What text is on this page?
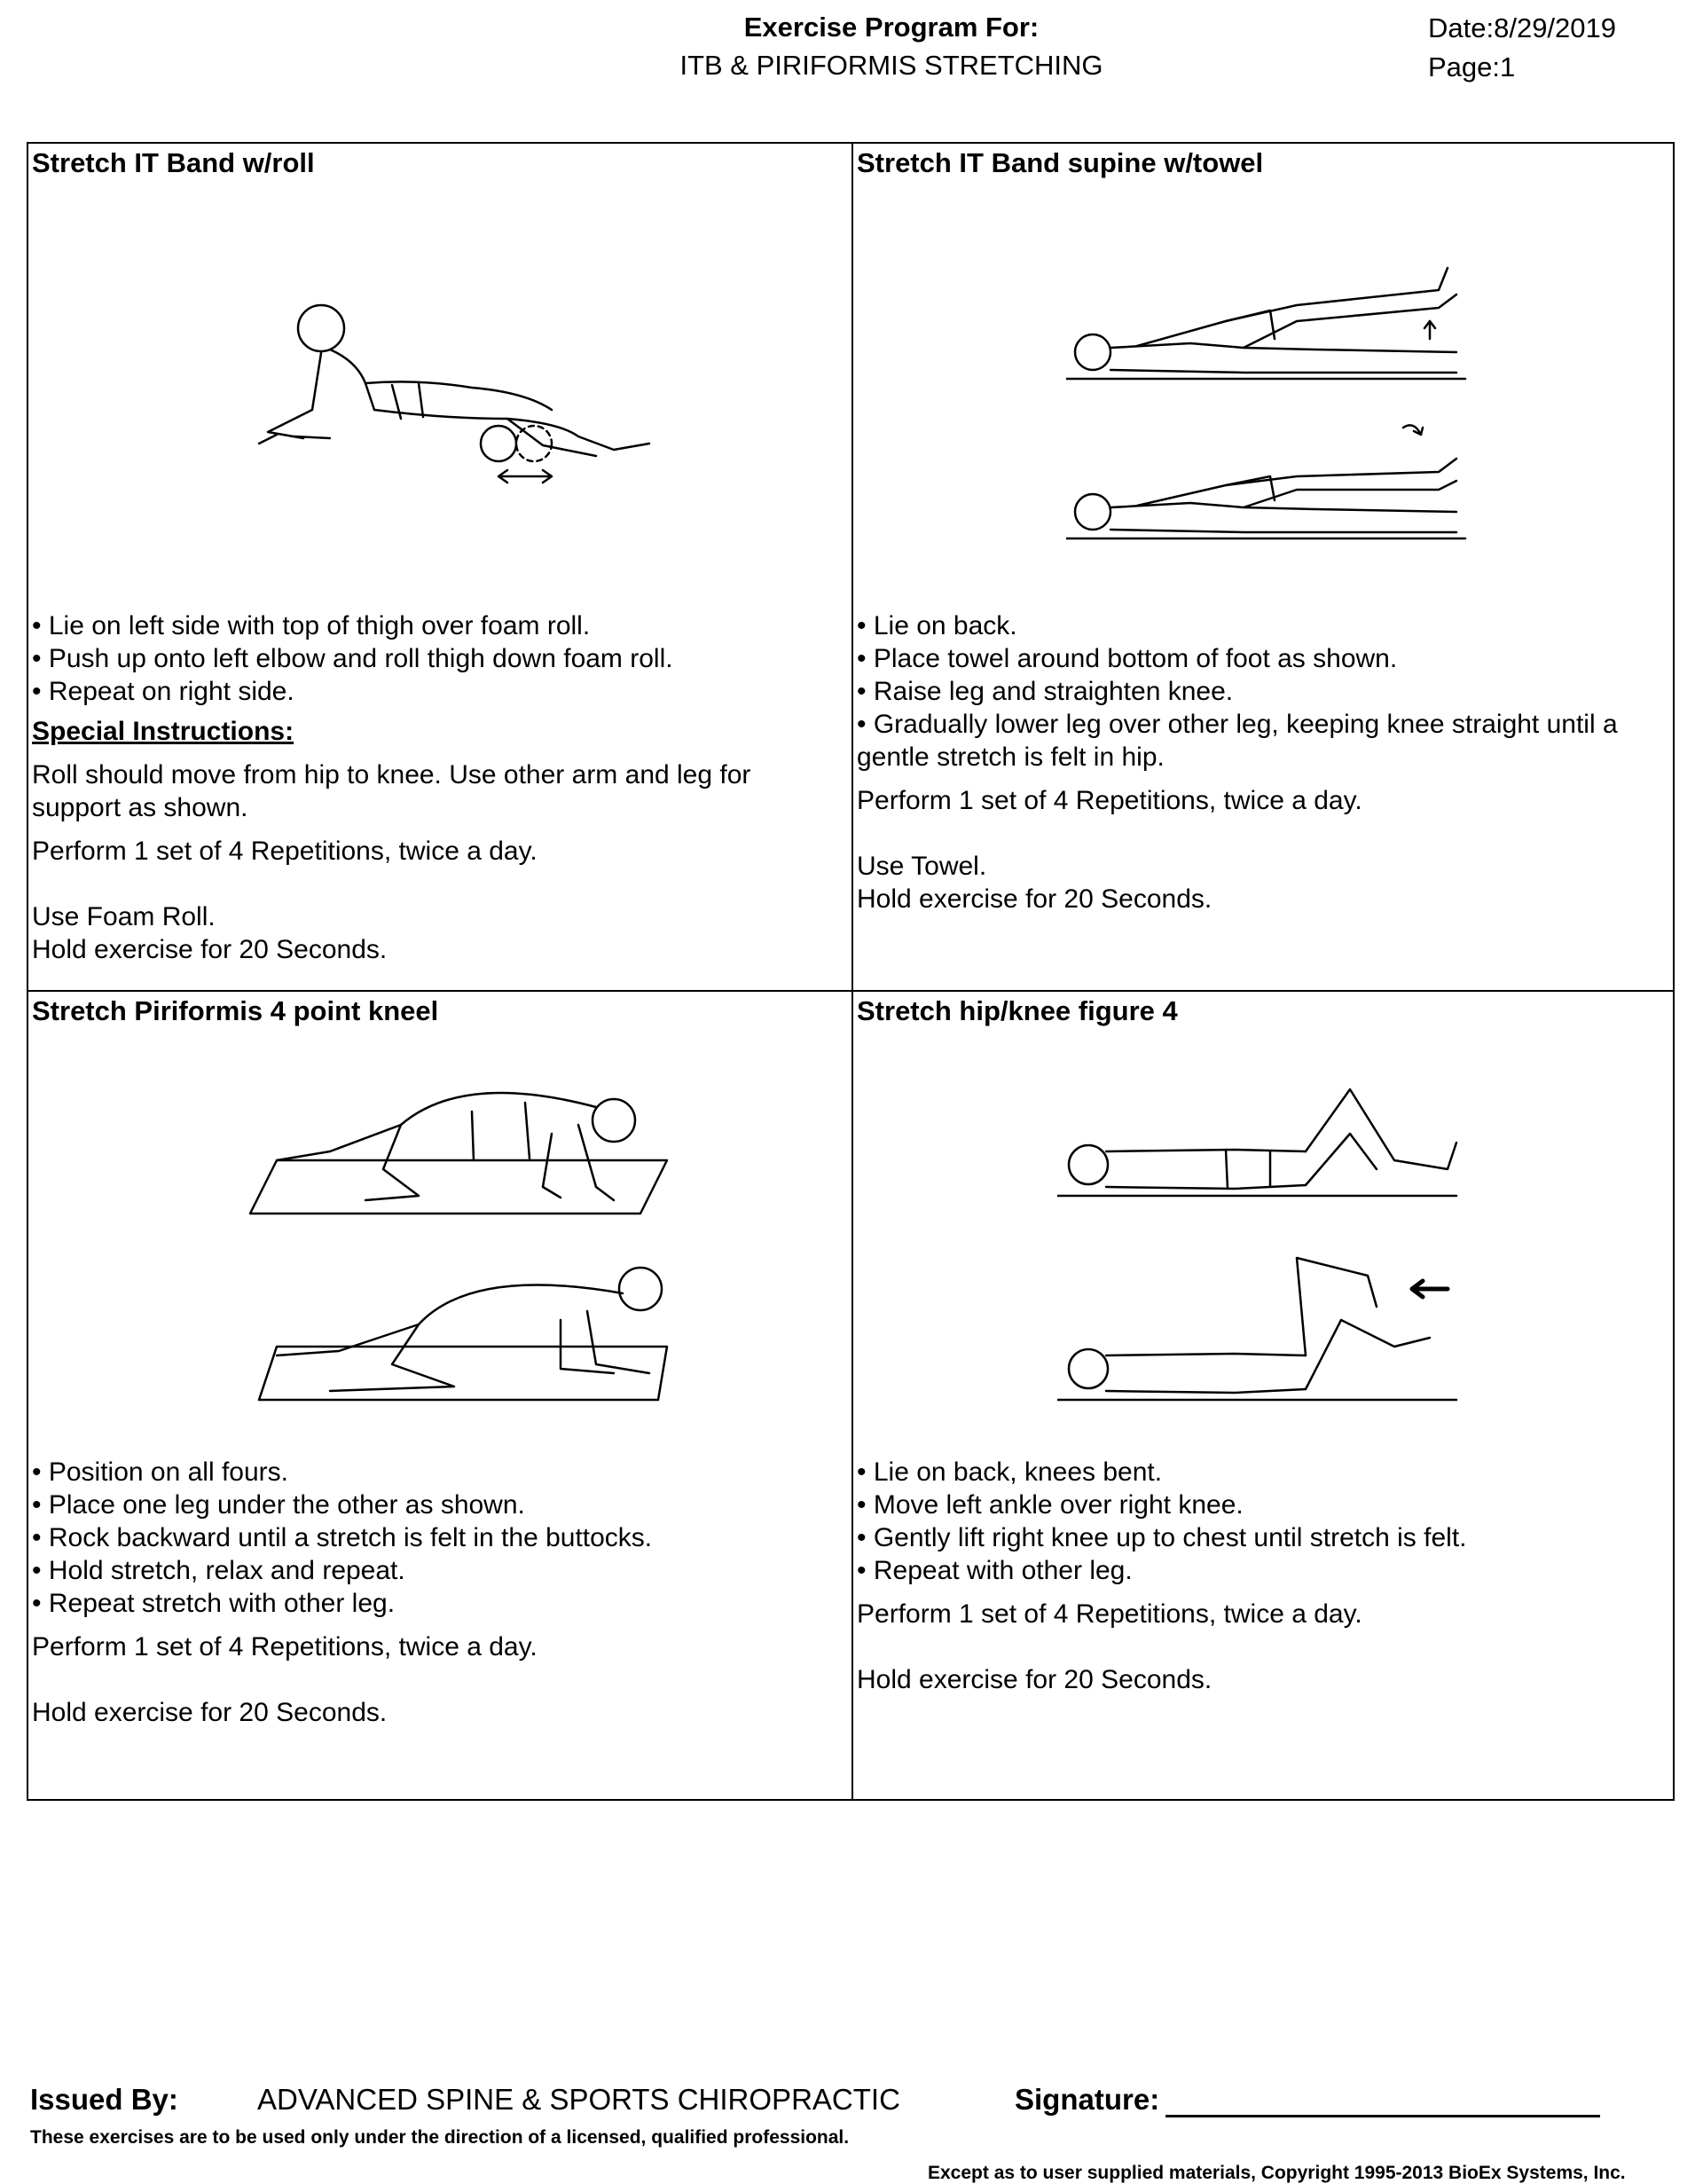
Exercise Program For:
ITB & PIRIFORMIS STRETCHING
Date:8/29/2019
Page:1
Stretch IT Band w/roll
• Lie on left side with top of thigh over foam roll.
• Push up onto left elbow and roll thigh down foam roll.
• Repeat on right side.
Special Instructions:
Roll should move from hip to knee. Use other arm and leg for support as shown.
Perform 1 set of 4 Repetitions, twice a day.
Use Foam Roll.
Hold exercise for 20 Seconds.
Stretch IT Band supine w/towel
• Lie on back.
• Place towel around bottom of foot as shown.
• Raise leg and straighten knee.
• Gradually lower leg over other leg, keeping knee straight until a gentle stretch is felt in hip.
Perform 1 set of 4 Repetitions, twice a day.
Use Towel.
Hold exercise for 20 Seconds.
Stretch Piriformis 4 point kneel
• Position on all fours.
• Place one leg under the other as shown.
• Rock backward until a stretch is felt in the buttocks.
• Hold stretch, relax and repeat.
• Repeat stretch with other leg.
Perform 1 set of 4 Repetitions, twice a day.
Hold exercise for 20 Seconds.
Stretch hip/knee figure 4
• Lie on back, knees bent.
• Move left ankle over right knee.
• Gently lift right knee up to chest until stretch is felt.
• Repeat with other leg.
Perform 1 set of 4 Repetitions, twice a day.
Hold exercise for 20 Seconds.
Issued By:	ADVANCED SPINE & SPORTS CHIROPRACTIC	Signature:
These exercises are to be used only under the direction of a licensed, qualified professional.
Except as to user supplied materials, Copyright 1995-2013 BioEx Systems, Inc.
